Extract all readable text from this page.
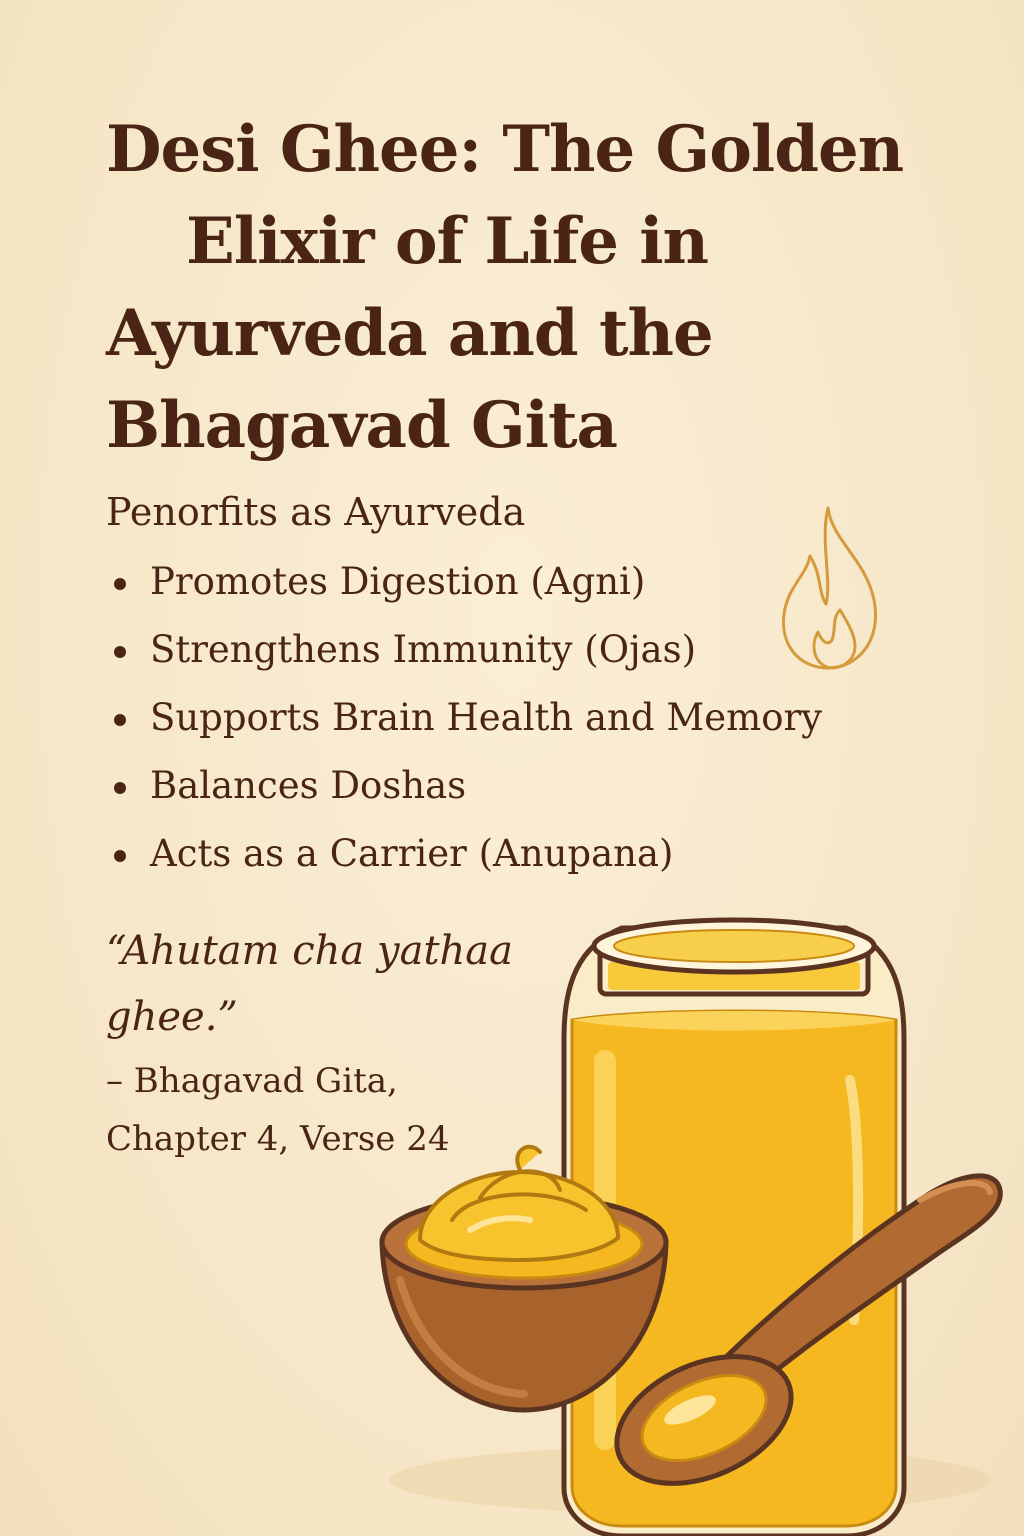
Desi Ghee: The Golden
Elixir of Life in
Ayurveda and the
Bhagavad Gita
Penorfits as Ayurveda
Promotes Digestion (Agni)
Strengthens Immunity (Ojas)
Supports Brain Health and Memory
Balances Doshas
Acts as a Carrier (Anupana)

“Ahutam cha yathaa ghee.”

– Bhagavad Gita,
Chapter 4, Verse 24
